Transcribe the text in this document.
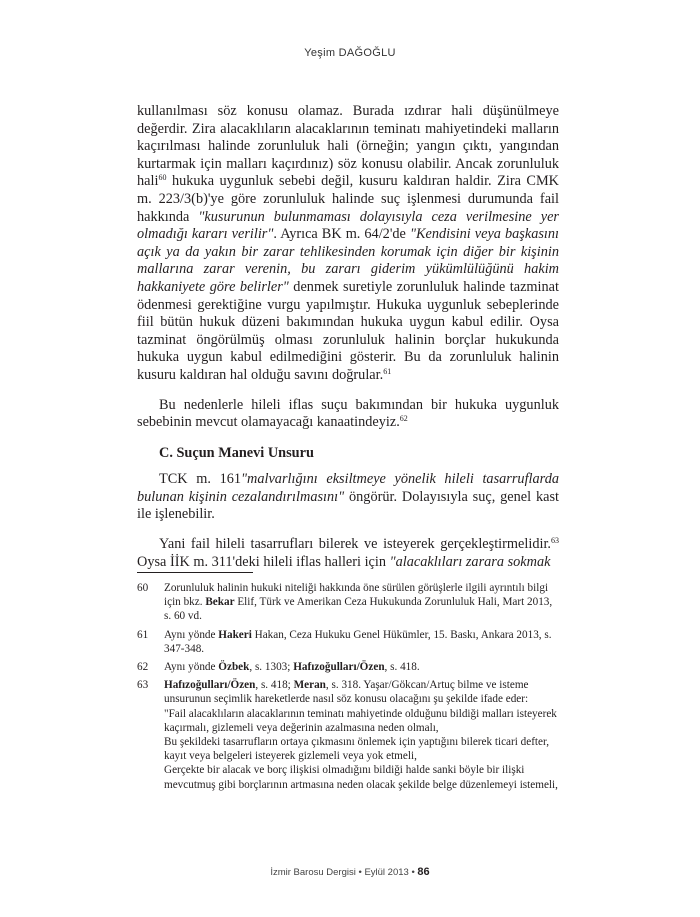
Yeşim DAĞOĞLU

kullanılması söz konusu olamaz. Burada ızdırar hali düşünülmeye değerdir. Zira alacaklıların alacaklarının teminatı mahiyetindeki malların kaçırılması halinde zorunluluk hali (örneğin; yangın çıktı, yangından kurtarmak için malları kaçırdınız) söz konusu olabilir. Ancak zorunluluk hali$^{60}$ hukuka uygunluk sebebi değil, kusuru kaldıran haldir. Zira CMK m. 223/3(b)'ye göre zorunluluk halinde suç işlenmesi durumunda fail hakkında "kusurunun bulunmaması dolayısıyla ceza verilmesine yer olmadığı kararı verilir". Ayrıca BK m. 64/2'de "Kendisini veya başkasını açık ya da yakın bir zarar tehlikesinden korumak için diğer bir kişinin mallarına zarar verenin, bu zararı giderim yükümlülüğünü hakim hakkaniyete göre belirler" denmek suretiyle zorunluluk halinde tazminat ödenmesi gerektiğine vurgu yapılmıştır. Hukuka uygunluk sebeplerinde fiil bütün hukuk düzeni bakımından hukuka uygun kabul edilir. Oysa tazminat öngörülmüş olması zorunluluk halinin borçlar hukukunda hukuka uygun kabul edilmediğini gösterir. Bu da zorunluluk halinin kusuru kaldıran hal olduğu savını doğrular.$^{61}$

Bu nedenlerle hileli iflas suçu bakımından bir hukuka uygunluk sebebinin mevcut olamayacağı kanaatindeyiz.$^{62}$

C. Suçun Manevi Unsuru

TCK m. 161"malvarlığını eksiltmeye yönelik hileli tasarruflarda bulunan kişinin cezalandırılmasını" öngörür. Dolayısıyla suç, genel kast ile işlenebilir.

Yani fail hileli tasarrufları bilerek ve isteyerek gerçekleştirmelidir.$^{63}$ Oysa İİK m. 311'deki hileli iflas halleri için "alacaklıları zarara sokmak

60	Zorunluluk halinin hukuki niteliği hakkında öne sürülen görüşlerle ilgili ayrıntılı bilgi için bkz. Bekar Elif, Türk ve Amerikan Ceza Hukukunda Zorunluluk Hali, Mart 2013, s. 60 vd.
61	Aynı yönde Hakeri Hakan, Ceza Hukuku Genel Hükümler, 15. Baskı, Ankara 2013, s. 347-348.
62	Aynı yönde Özbek, s. 1303; Hafızoğulları/Özen, s. 418.
63	Hafızoğulları/Özen, s. 418; Meran, s. 318. Yaşar/Gökcan/Artuç bilme ve isteme unsurunun seçimlik hareketlerde nasıl söz konusu olacağını şu şekilde ifade eder:
"Fail alacaklıların alacaklarının teminatı mahiyetinde olduğunu bildiği malları isteyerek kaçırmalı, gizlemeli veya değerinin azalmasına neden olmalı,
Bu şekildeki tasarrufların ortaya çıkmasını önlemek için yaptığını bilerek ticari defter, kayıt veya belgeleri isteyerek gizlemeli veya yok etmeli,
Gerçekte bir alacak ve borç ilişkisi olmadığını bildiği halde sanki böyle bir ilişki mevcutmuş gibi borçlarının artmasına neden olacak şekilde belge düzenlemeyi istemeli,
İzmir Barosu Dergisi • Eylül 2013 • 86
